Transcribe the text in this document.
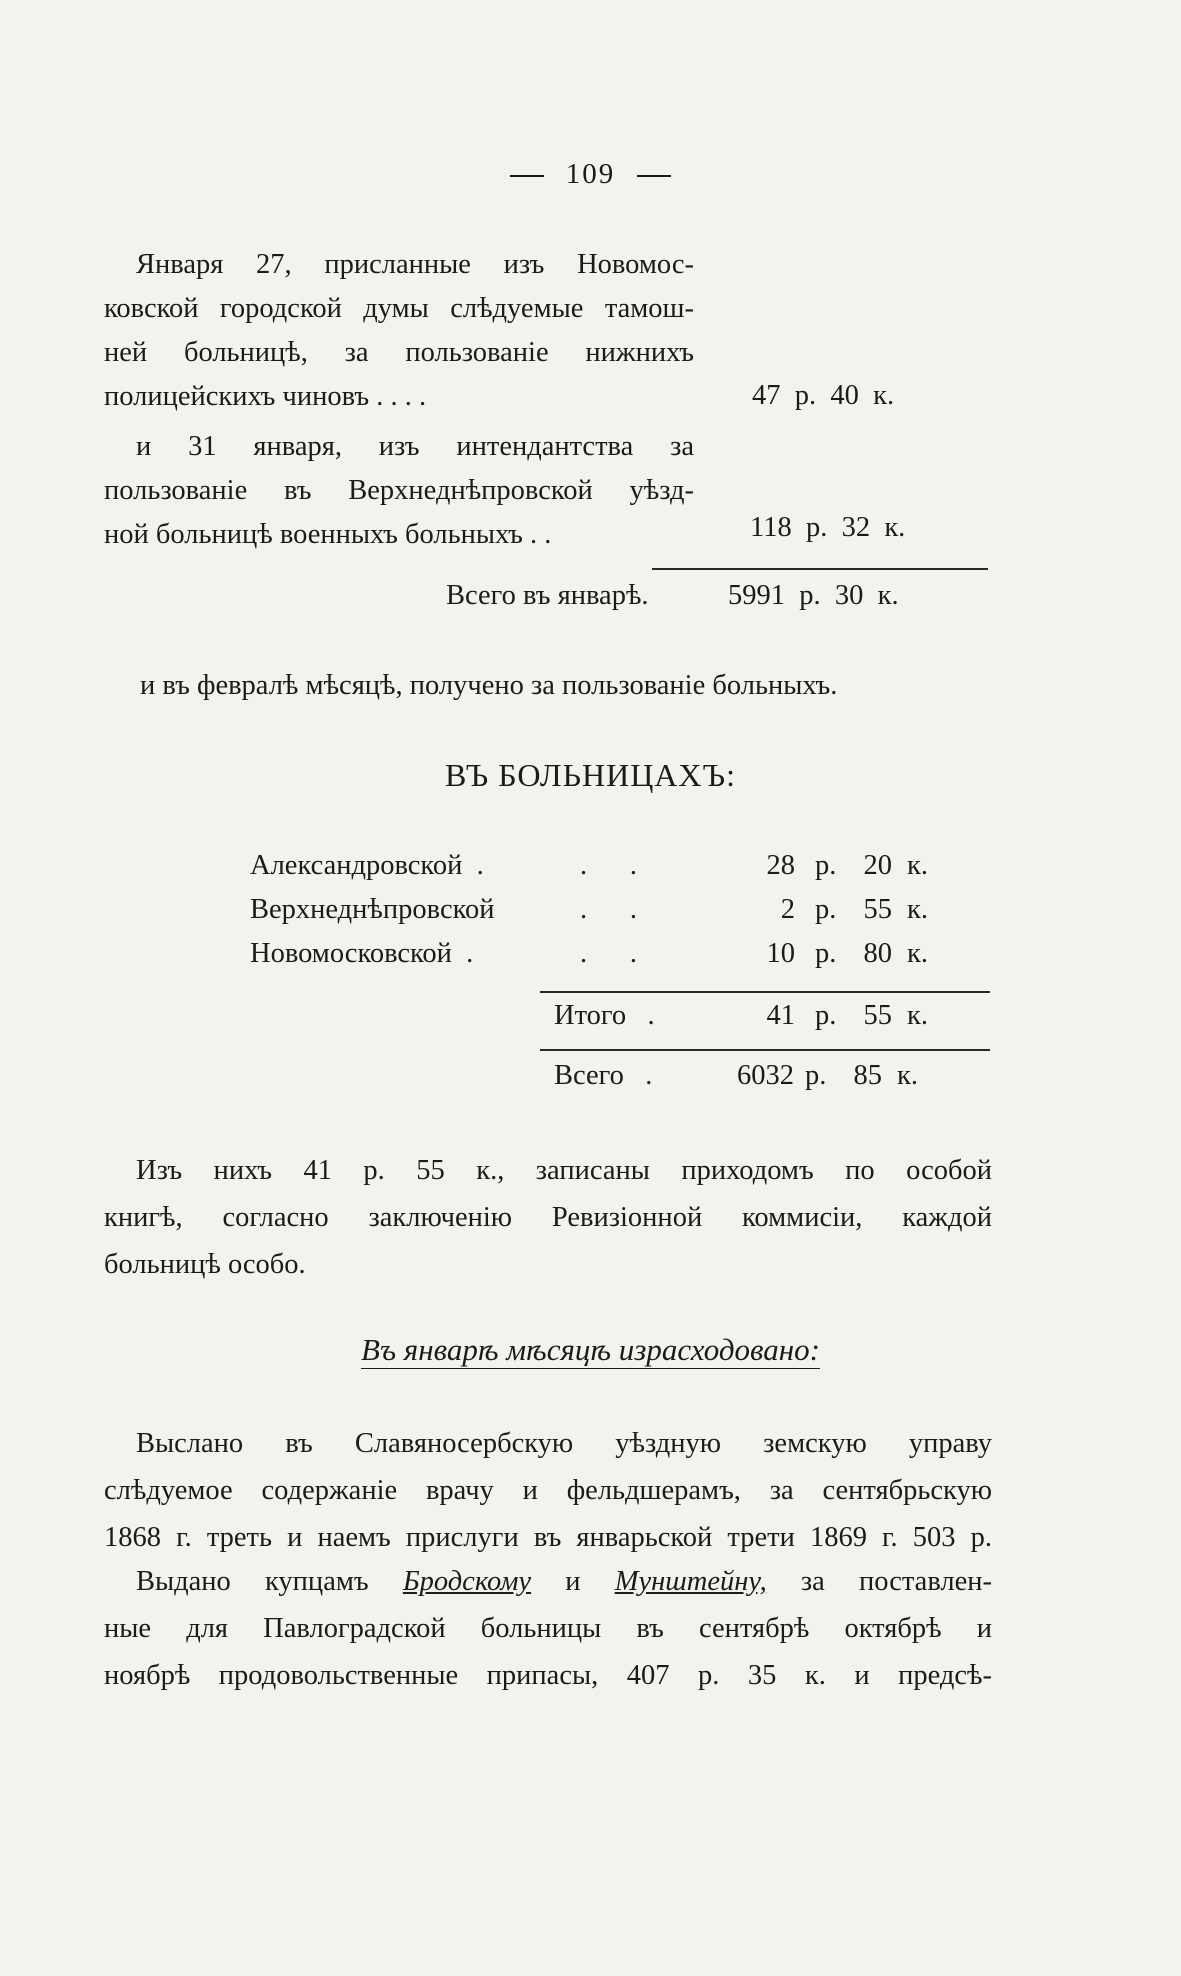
109
Января 27, присланные изъ Новомос-
ковской городской думы слѣдуемые тамош-
ней больницѣ, за пользованіе нижнихъ
полицейскихъ чиновъ . . . .	47  р.  40  к.
и 31 января, изъ интендантства за
пользованіе въ Верхнеднѣпровской уѣзд-
ной больницѣ военныхъ больныхъ . .	118  р.  32  к.
Всего въ январѣ.	5991  р.  30  к.
и въ февралѣ мѣсяцѣ, получено за пользованіе больныхъ.
ВЪ БОЛЬНИЦАХЪ:
Александровской  .	.      .	28 р. 20 к.
Верхнеднѣпровской	.      .	2 р. 55 к.
Новомосковской  .	.      .	10 р. 80 к.
Итого   .	41 р. 55 к.
Всего   .	6032 р. 85 к.
Изъ нихъ 41 р. 55 к., записаны приходомъ по особой
книгѣ, согласно заключенію Ревизіонной коммисіи, каждой
больницѣ особо.
Въ январѣ мѣсяцѣ израсходовано:
Выслано въ Славяносербскую уѣздную земскую управу
слѣдуемое содержаніе врачу и фельдшерамъ, за сентябрьскую
1868 г. треть и наемъ прислуги въ январьской трети 1869 г. 503 р.
Выдано купцамъ Бродскому и Мунштейну, за поставлен-
ные для Павлоградской больницы въ сентябрѣ октябрѣ и
ноябрѣ продовольственные припасы, 407 р. 35 к. и предсѣ-
